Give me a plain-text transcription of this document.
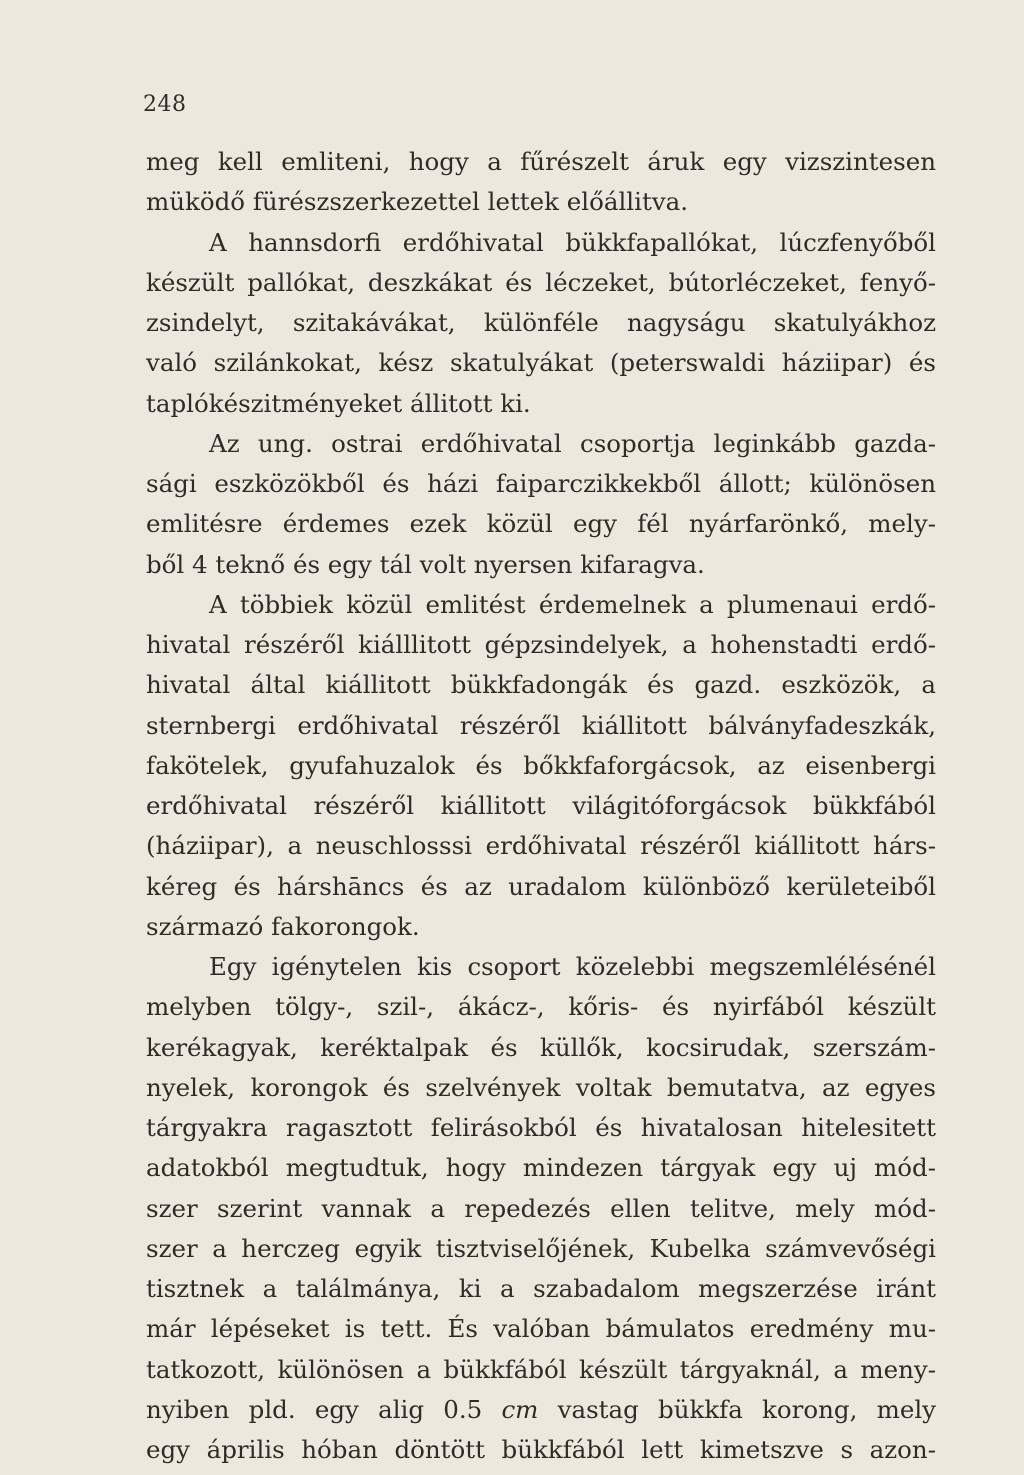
248
meg kell emliteni, hogy a fűrészelt áruk egy vizszintesen
müködő fürészszerkezettel lettek előállitva.
A hannsdorfi erdőhivatal bükkfapallókat, lúczfenyőből
készült pallókat, deszkákat és léczeket, bútorléczeket, fenyő-
zsindelyt, szitakávákat, különféle nagyságu skatulyákhoz
való szilánkokat, kész skatulyákat (peterswaldi háziipar) és
taplókészitményeket állitott ki.
Az ung. ostrai erdőhivatal csoportja leginkább gazda-
sági eszközökből és házi faiparczikkekből állott; különösen
emlitésre érdemes ezek közül egy fél nyárfarönkő, mely-
ből 4 teknő és egy tál volt nyersen kifaragva.
A többiek közül emlitést érdemelnek a plumenaui erdő-
hivatal részéről kiálllitott gépzsindelyek, a hohenstadti erdő-
hivatal által kiállitott bükkfadongák és gazd. eszközök, a
sternbergi erdőhivatal részéről kiállitott bálványfadeszkák,
fakötelek, gyufahuzalok és bőkkfaforgácsok, az eisenbergi
erdőhivatal részéről kiállitott világitóforgácsok bükkfából
(háziipar), a neuschlosssi erdőhivatal részéről kiállitott hárs-
kéreg és hárshāncs és az uradalom különböző kerületeiből
származó fakorongok.
Egy igénytelen kis csoport közelebbi megszemlélésénél
melyben tölgy-, szil-, ákácz-, kőris- és nyirfából készült
kerékagyak, keréktalpak és küllők, kocsirudak, szerszám-
nyelek, korongok és szelvények voltak bemutatva, az egyes
tárgyakra ragasztott felirásokból és hivatalosan hitelesitett
adatokból megtudtuk, hogy mindezen tárgyak egy uj mód-
szer szerint vannak a repedezés ellen telitve, mely mód-
szer a herczeg egyik tisztviselőjének, Kubelka számvevőségi
tisztnek a találmánya, ki a szabadalom megszerzése iránt
már lépéseket is tett. És valóban bámulatos eredmény mu-
tatkozott, különösen a bükkfából készült tárgyaknál, a meny-
nyiben pld. egy alig 0.5 cm vastag bükkfa korong, mely
egy április hóban döntött bükkfából lett kimetszve s azon-
